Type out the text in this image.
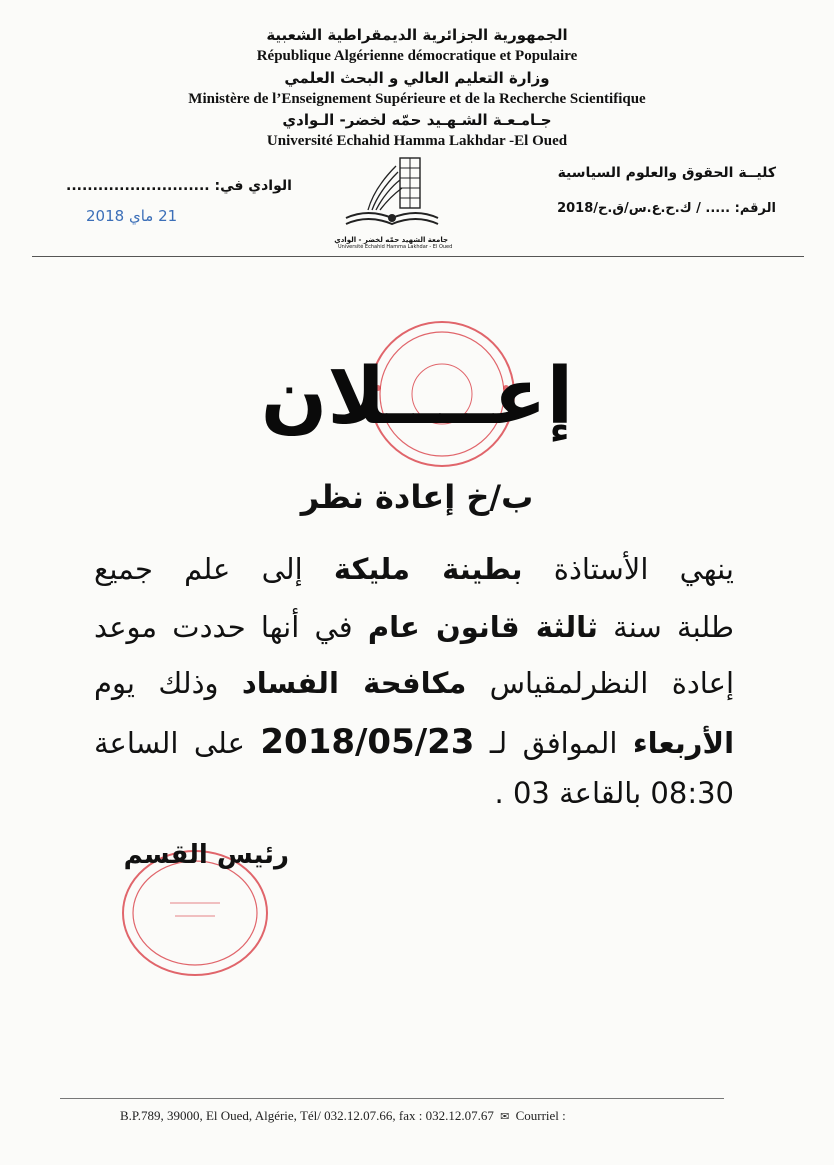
الجمهورية الجزائرية الديمقراطية الشعبية
République Algérienne démocratique et Populaire
وزارة التعليم العالي و البحث العلمي
Ministère de l’Enseignement Supérieure et de la Recherche Scientifique
جـامـعـة الشـهـيد حمّه لخضر- الـوادي
Université Echahid Hamma Lakhdar -El Oued
كليــة الحقوق والعلوم السياسية
الرقم: ..... / ك.ح.ع.س/ق.ح/2018
الوادي في: ...........................
21 ماي 2018
جامعة الشهيد حمّه لخضر - الوادي
Université Echahid Hamma Lakhdar - El Oued
إعــــلان
ب/خ إعادة نظر
ينهي الأستاذة بطينة مليكة إلى علم جميع
طلبة سنة ثالثة قانون عام في أنها حددت موعد
إعادة النظرلمقياس مكافحة الفساد وذلك يوم
الأربعاء الموافق لـ 2018/05/23 على الساعة
08:30 بالقاعة 03 .
رئيس القسم
B.P.789, 39000, El Oued, Algérie, Tél/ 032.12.07.66, fax : 032.12.07.67 ✉ Courriel :
